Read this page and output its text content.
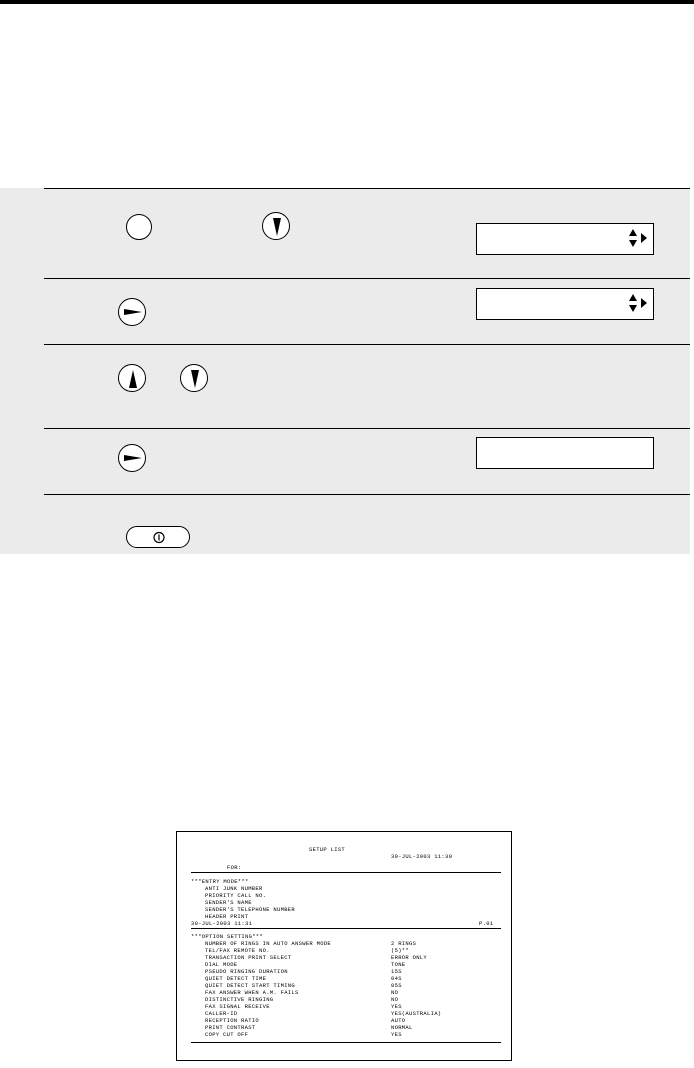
SETUP LIST
30-JUL-2003 11:30
FOR:
***ENTRY MODE***
ANTI JUNK NUMBER
PRIORITY CALL NO.
SENDER'S NAME
SENDER'S TELEPHONE NUMBER
HEADER PRINT
30-JUL-2003 11:31	P.01
***OPTION SETTING***
NUMBER OF RINGS IN AUTO ANSWER MODE	2 RINGS
TEL/FAX REMOTE NO.	(5)**
TRANSACTION PRINT SELECT	ERROR ONLY
DIAL MODE	TONE
PSEUDO RINGING DURATION	15S
QUIET DETECT TIME	04S
QUIET DETECT START TIMING	05S
FAX ANSWER WHEN A.M. FAILS	NO
DISTINCTIVE RINGING	NO
FAX SIGNAL RECEIVE	YES
CALLER-ID	YES(AUSTRALIA)
RECEPTION RATIO	AUTO
PRINT CONTRAST	NORMAL
COPY CUT OFF	YES
